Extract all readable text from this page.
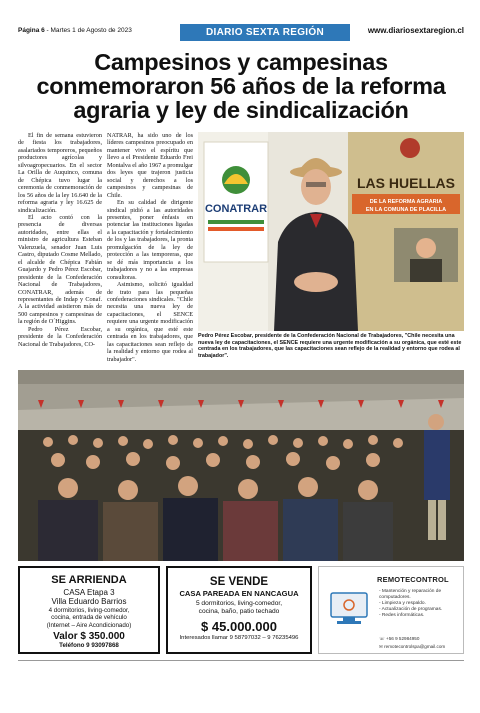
Página 6 - Martes 1 de Agosto de 2023	DIARIO SEXTA REGIÓN	www.diariosextaregion.cl
Campesinos y campesinas conmemoraron 56 años de la reforma agraria y ley de sindicalización

El fin de semana estuvieron de fiesta los trabajadores, asalariados temporeros, pequeños productores agrícolas y silvoagropecuarios. En el sector La Orilla de Auquinco, comuna de Chépica tuvo lugar la ceremonia de conmemoración de los 56 años de la ley 16.640 de la reforma agraria y ley 16.625 de sindicalización.

El acto contó con la presencia de diversas autoridades, entre ellas el ministro de agricultura Esteban Valenzuela, senador Juan Luis Castro, diputado Cosme Mellado, el alcalde de Chépica Fabián Guajardo y Pedro Pérez Escobar, presidente de la Confederación Nacional de Trabajadores, CONATRAR, además de representantes de Indap y Conaf. A la actividad asistieron más de 500 campesinos y campesinas de la región de O´Higgins.

Pedro Pérez Escobar, presidente de la Confederación Nacional de Trabajadores, CO-

NATRAR, ha sido uno de los líderes campesinos preocupado en mantener vivo el espíritu que llevo a el Presidente Eduardo Frei Montalva el año 1967 a promulgar dos leyes que trajeron justicia social y derechos a los campesinos y campesinas de Chile.

En su calidad de dirigente sindical pidió a las autoridades presentes, poner énfasis en potenciar las instituciones ligadas a la capacitación y fortalecimiento de los y las trabajadores, la pronta promulgación de la ley de protección a las temporeras, que se dé más importancia a los trabajadores y no a las empresas consultoras.

Asimismo, solicitó igualdad de trato para las pequeñas confederaciones sindicales. "Chile necesita una nueva ley de capacitaciones, el SENCE requiere una urgente modificación a su orgánica, que esté este centrada en los trabajadores, que las capacitaciones sean reflejo de la realidad y entorno que rodea al trabajador".

CONATRAR
LAS HUELLAS
DE LA REFORMA AGRARIA
EN LA COMUNA DE PLACILLA
Pedro Pérez Escobar, presidente de la Confederación Nacional de Trabajadores, "Chile necesita una nueva ley de capacitaciones, el SENCE requiere una urgente modificación a su orgánica, que esté este centrada en los trabajadores, que las capacitaciones sean reflejo de la realidad y entorno que rodea al trabajador".
SE ARRIENDA
CASA Etapa 3
Villa Eduardo Barrios
4 dormitorios, living-comedor,
cocina, entrada de vehículo
(Internet – Aire Acondicionado)
Valor $ 350.000
Teléfono 9 93097868
SE VENDE
CASA PAREADA EN NANCAGUA
5 dormitorios, living-comedor,
cocina, baño, patio techado
$ 45.000.000
Interesados llamar 9 58797032 – 9 76235496
REMOTECONTROL
- Mantención y reparación de computadores.
- Limpieza y respaldo.
- Actualización de programas.
- Redes informáticas.
☏ +56 9 52984950
✉ remotecontrolspa@gmail.com
